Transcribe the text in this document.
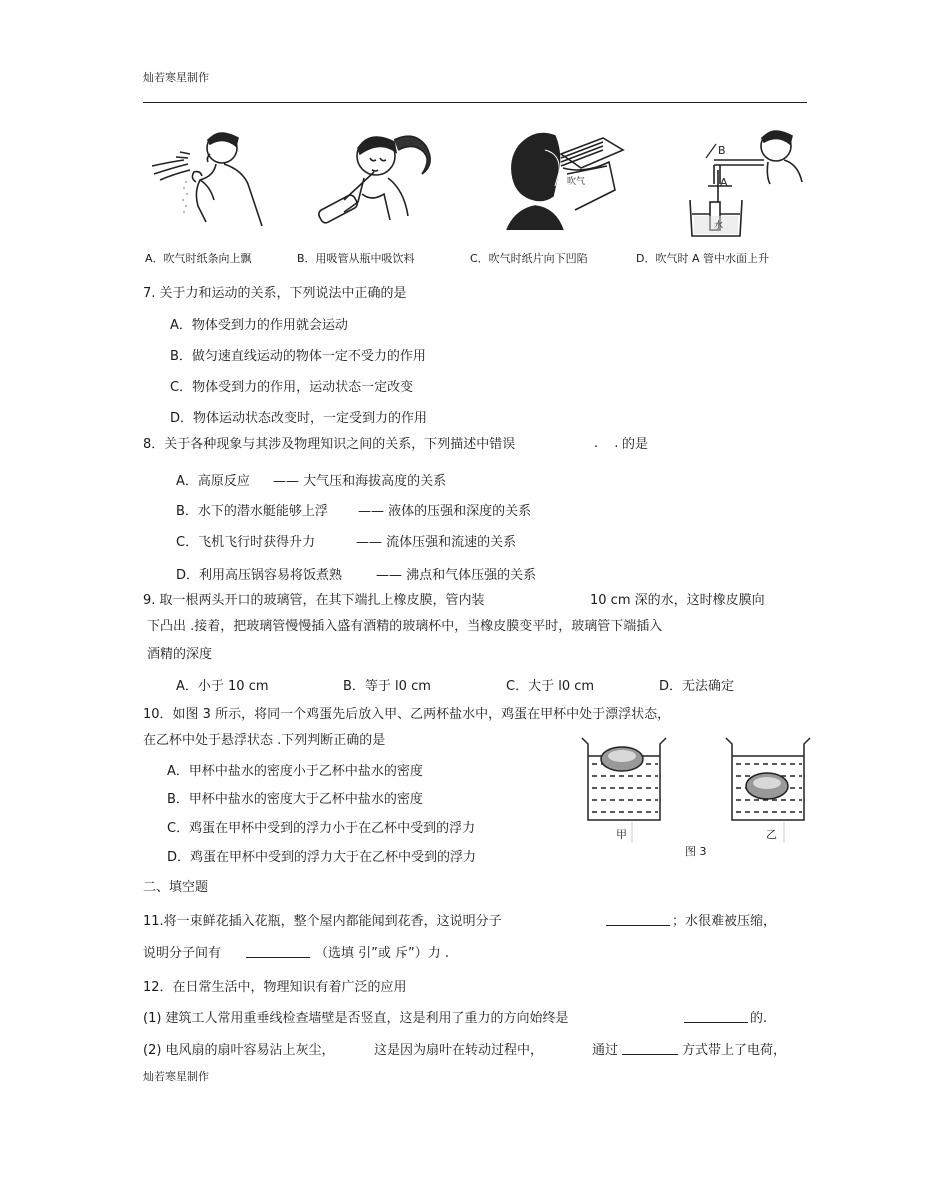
灿若寒星制作
吹气
B
A
水
A．吹气时纸条向上飘	B．用吸管从瓶中吸饮料	C．吹气时纸片向下凹陷	D．吹气时 A 管中水面上升
7. 关于力和运动的关系，下列说法中正确的是
A．物体受到力的作用就会运动
B．做匀速直线运动的物体一定不受力的作用
C．物体受到力的作用，运动状态一定改变
D．物体运动状态改变时，一定受到力的作用
8．关于各种现象与其涉及物理知识之间的关系，下列描述中错误	. .
的是
A．高原反应 —— 大气压和海拔高度的关系
B．水下的潜水艇能够上浮 —— 液体的压强和深度的关系
C．飞机飞行时获得升力	—— 流体压强和流速的关系
D．利用高压锅容易将饭煮熟	—— 沸点和气体压强的关系
9. 取一根两头开口的玻璃管，在其下端扎上橡皮膜，管内装	10 cm 深的水，这时橡皮膜向
下凸出 .接着，把玻璃管慢慢插入盛有酒精的玻璃杯中，当橡皮膜变平时，玻璃管下端插入
酒精的深度
A．小于 10 cm	B．等于 l0 cm	C．大于 l0 cm	D．无法确定
10．如图 3 所示，将同一个鸡蛋先后放入甲、乙两杯盐水中，鸡蛋在甲杯中处于漂浮状态，
在乙杯中处于悬浮状态 .下列判断正确的是
A．甲杯中盐水的密度小于乙杯中盐水的密度
B．甲杯中盐水的密度大于乙杯中盐水的密度
C．鸡蛋在甲杯中受到的浮力小于在乙杯中受到的浮力
D．鸡蛋在甲杯中受到的浮力大于在乙杯中受到的浮力
甲	乙
图 3
二、填空题
11.将一束鲜花插入花瓶，整个屋内都能闻到花香，这说明分子	；水很难被压缩，
说明分子间有	（选填 引”或 斥”）力 .
12．在日常生活中，物理知识有着广泛的应用
(1) 建筑工人常用重垂线检查墙壁是否竖直，这是利用了重力的方向始终是	的.
(2) 电风扇的扇叶容易沾上灰尘，	这是因为扇叶在转动过程中，	通过	方式带上了电荷，
灿若寒星制作
